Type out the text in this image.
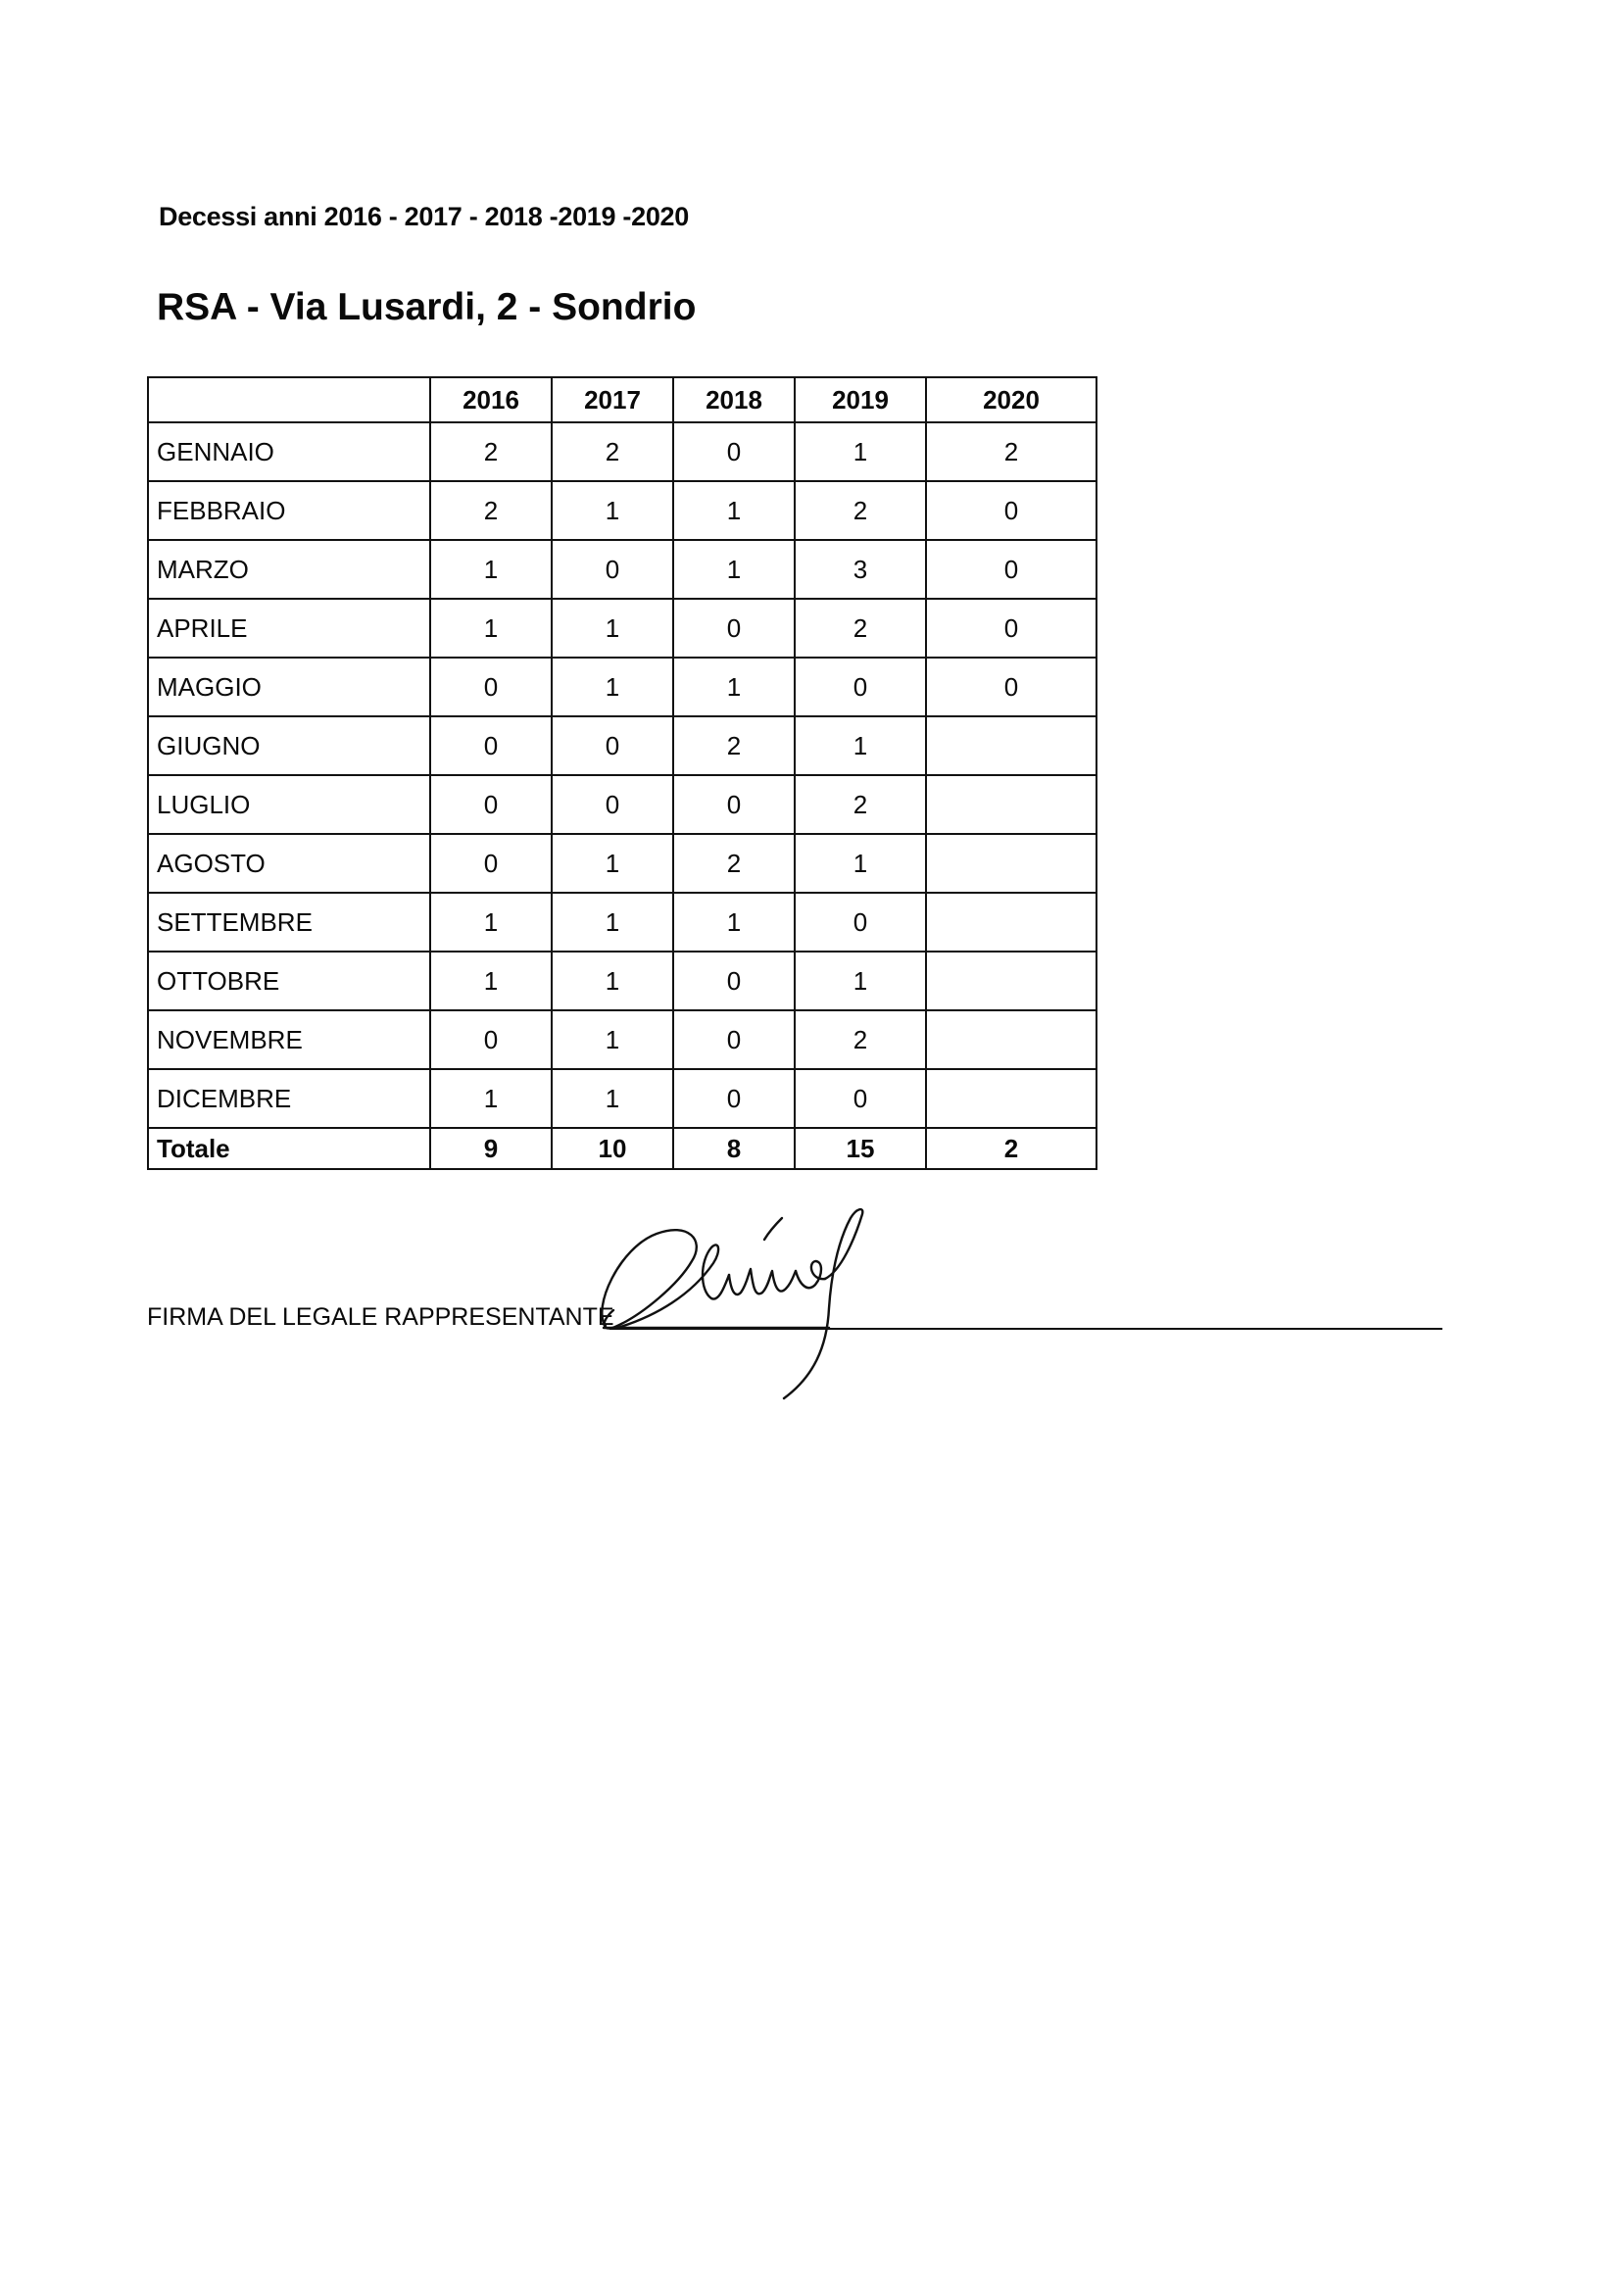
Decessi anni 2016 - 2017 - 2018 -2019 -2020
RSA - Via Lusardi, 2 - Sondrio
	2016	2017	2018	2019	2020
GENNAIO	2	2	0	1	2
FEBBRAIO	2	1	1	2	0
MARZO	1	0	1	3	0
APRILE	1	1	0	2	0
MAGGIO	0	1	1	0	0
GIUGNO	0	0	2	1	
LUGLIO	0	0	0	2	
AGOSTO	0	1	2	1	
SETTEMBRE	1	1	1	0	
OTTOBRE	1	1	0	1	
NOVEMBRE	0	1	0	2	
DICEMBRE	1	1	0	0	
Totale	9	10	8	15	2
FIRMA DEL LEGALE RAPPRESENTANTE
